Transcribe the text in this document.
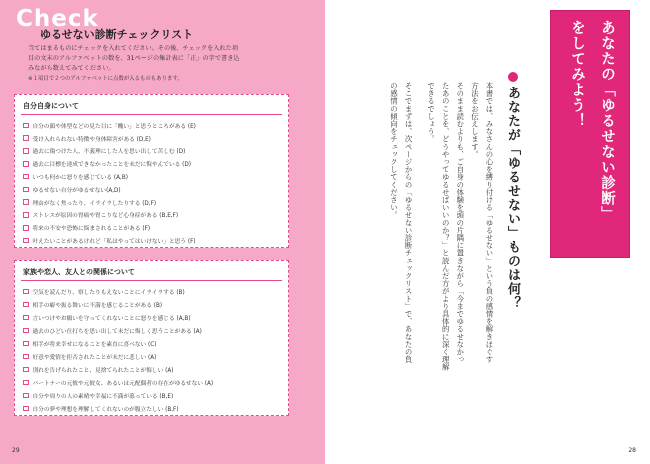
Check
ゆるせない診断チェックリスト
当てはまるものにチェックを入れてください。その後、チェックを入れた項
目の文末のアルファベットの数を、31ページの集計表に「正」の字で書き込
みながら数えてみてください。
※１項目で２つのアルファベットに点数が入るものもあります。
自分自身について
自分の顔や体型などの見た目に「醜い」と思うところがある (E)
受け入れられない特徴や身体障害がある (D,E)
過去に傷つけた人、不義理にした人を思い出して苦しむ (D)
過去に目標を達成できなかったことを未だに悔やんでいる (D)
いつも何かに怒りを感じている (A,B)
ゆるせない自分がゆるせない(A,D)
理由がなく焦ったり、イライラしたりする (D,F)
ストレスが原因の胃痛や胃こりなど心身症がある (B,E,F)
将来の不安や恐怖に悩まされることがある (F)
叶えたいことがあるけれど「私はやってはいけない」と思う (F)
家族や恋人、友人との関係について
空気を読んだり、察したりもえないことにイライラする (B)
相手の癖や振る舞いに不満を感じることがある (B)
言いつけやお願いを守ってくれないことに怒りを感じる (A,B)
過去のひどい仕打ちを思い出して未だに悔しく思うことがある (A)
相手が将来幸せになることを素直に喜べない (C)
好意や愛情を拒否されたことが未だに悲しい (A)
別れを告げられたこと、見捨てられたことが悔しい (A)
パートナーの元彼や元彼女、あるいは元配偶者の存在がゆるせない (A)
自分や周りの人の素晴や幸福に不満が募っている (B,E)
自分の夢や理想を理解してくれないのが腹立たしい (B,F)
29
あなたの「ゆるせない診断」
をしてみよう！
あなたが「ゆるせない」ものは何？
本書では、みなさんの心を縛り付ける「ゆるせない」という負の感情を解きほぐす
方法をお伝えします。
そのまま読むよりも、ご自身の体験を頭の片隅に置きながら「今までゆるせなかっ
たあのことを、どうやってゆるせばいいのか？」と読んだ方がより具体的に深く理解
できるでしょう。
そこでまずは、次ページからの「ゆるせない診断チェックリスト」で、あなたの負
の感情の傾向をチェックしてください。
28
